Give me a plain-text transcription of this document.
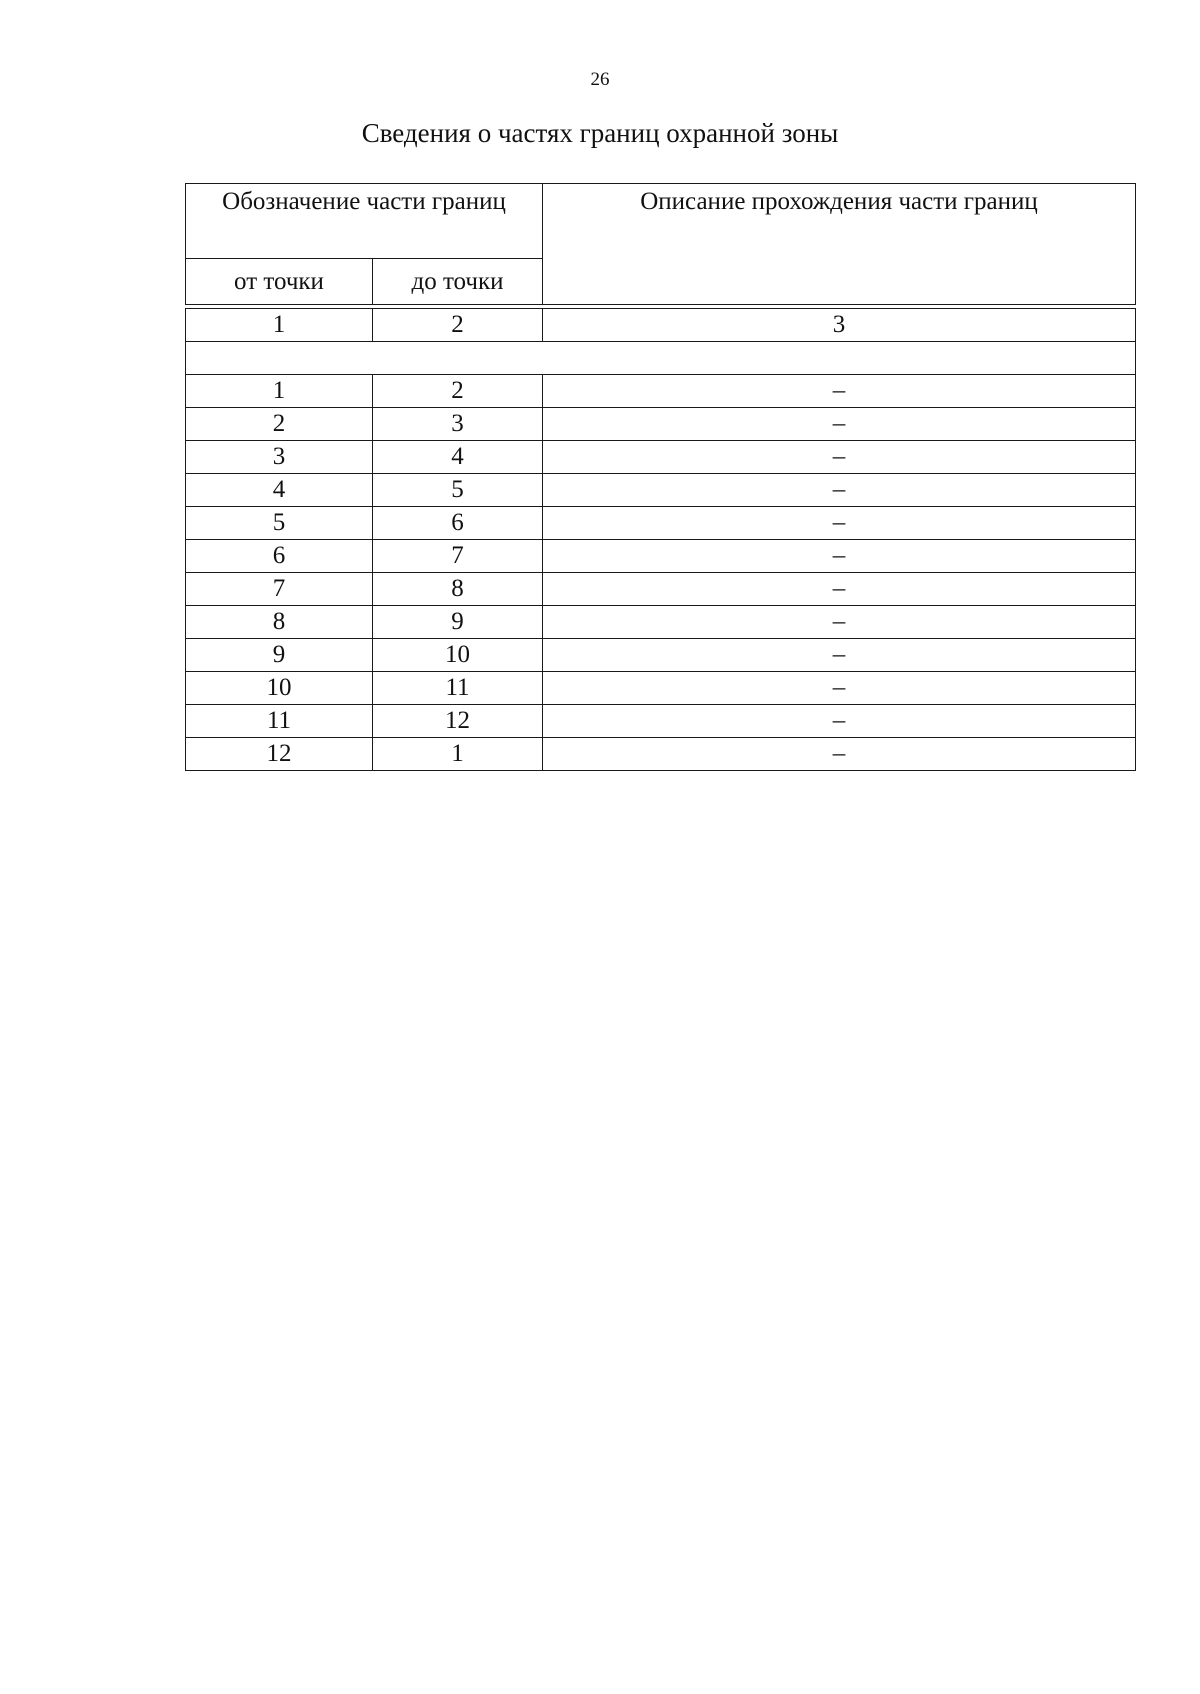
26
Сведения о частях границ охранной зоны
Обозначение части границ		Описание прохождения части границ
от точки	до точки	

1	2	3

1	2	–
2	3	–
3	4	–
4	5	–
5	6	–
6	7	–
7	8	–
8	9	–
9	10	–
10	11	–
11	12	–
12	1	–
